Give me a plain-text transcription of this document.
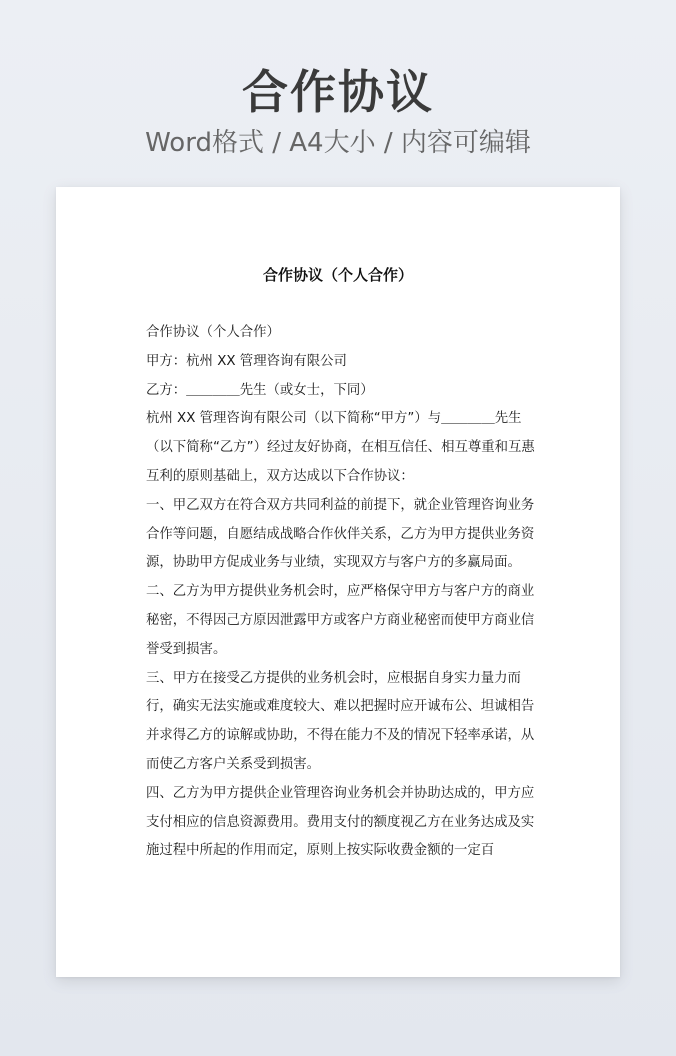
合作协议
Word格式 / A4大小 / 内容可编辑
合作协议（个人合作）

合作协议（个人合作）

甲方：杭州 XX 管理咨询有限公司

乙方：＿＿＿＿先生（或女士，下同）

杭州 XX 管理咨询有限公司（以下简称“甲方”）与＿＿＿＿先生（以下简称“乙方”）经过友好协商，在相互信任、相互尊重和互惠互利的原则基础上，双方达成以下合作协议：

一、甲乙双方在符合双方共同利益的前提下，就企业管理咨询业务合作等问题，自愿结成战略合作伙伴关系，乙方为甲方提供业务资源，协助甲方促成业务与业绩，实现双方与客户方的多赢局面。

二、乙方为甲方提供业务机会时，应严格保守甲方与客户方的商业秘密，不得因己方原因泄露甲方或客户方商业秘密而使甲方商业信誉受到损害。

三、甲方在接受乙方提供的业务机会时，应根据自身实力量力而行，确实无法实施或难度较大、难以把握时应开诚布公、坦诚相告并求得乙方的谅解或协助，不得在能力不及的情况下轻率承诺，从而使乙方客户关系受到损害。

四、乙方为甲方提供企业管理咨询业务机会并协助达成的，甲方应支付相应的信息资源费用。费用支付的额度视乙方在业务达成及实施过程中所起的作用而定，原则上按实际收费金额的一定百
